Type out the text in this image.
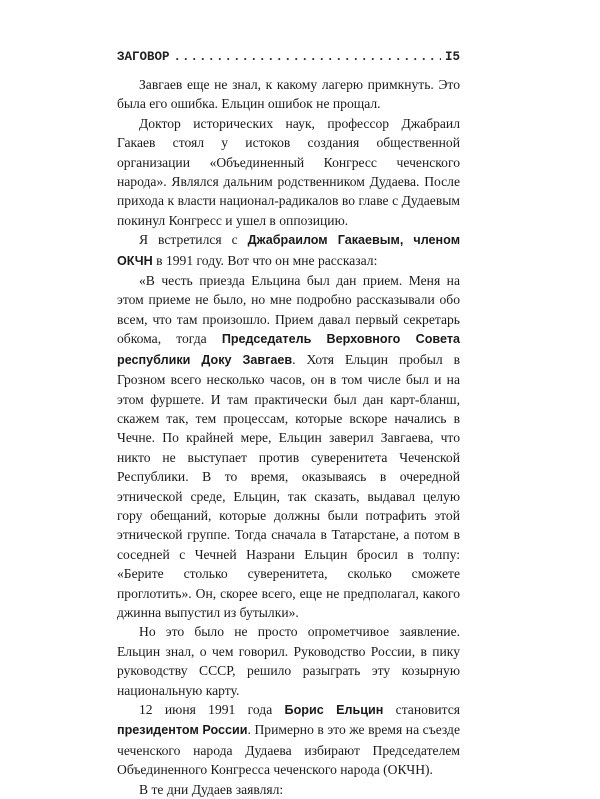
ЗАГОВОР
.....	I5

Завгаев еще не знал, к какому лагерю примкнуть. Это была его ошибка. Ельцин ошибок не прощал.

Доктор исторических наук, профессор Джабраил Гакаев стоял у истоков создания общественной организации «Объединенный Конгресс чеченского народа». Являлся дальним родственником Дудаева. После прихода к власти национал-радикалов во главе с Дудаевым покинул Конгресс и ушел в оппозицию.

Я встретился с Джабраилом Гакаевым, членом ОКЧН в 1991 году. Вот что он мне рассказал:

«В честь приезда Ельцина был дан прием. Меня на этом приеме не было, но мне подробно рассказывали обо всем, что там произошло. Прием давал первый секретарь обкома, тогда Председатель Верховного Совета республики Доку Завгаев. Хотя Ельцин пробыл в Грозном всего несколько часов, он в том числе был и на этом фуршете. И там практически был дан карт-бланш, скажем так, тем процессам, которые вскоре начались в Чечне. По крайней мере, Ельцин заверил Завгаева, что никто не выступает против суверенитета Чеченской Республики. В то время, оказываясь в очередной этнической среде, Ельцин, так сказать, выдавал целую гору обещаний, которые должны были потрафить этой этнической группе. Тогда сначала в Татарстане, а потом в соседней с Чечней Назрани Ельцин бросил в толпу: «Берите столько суверенитета, сколько сможете проглотить». Он, скорее всего, еще не предполагал, какого джинна выпустил из бутылки».

Но это было не просто опрометчивое заявление. Ельцин знал, о чем говорил. Руководство России, в пику руководству СССР, решило разыграть эту козырную национальную карту.

12 июня 1991 года Борис Ельцин становится президентом России. Примерно в это же время на съезде чеченского народа Дудаева избирают Председателем Объединенного Конгресса чеченского народа (ОКЧН).

В те дни Дудаев заявлял:
